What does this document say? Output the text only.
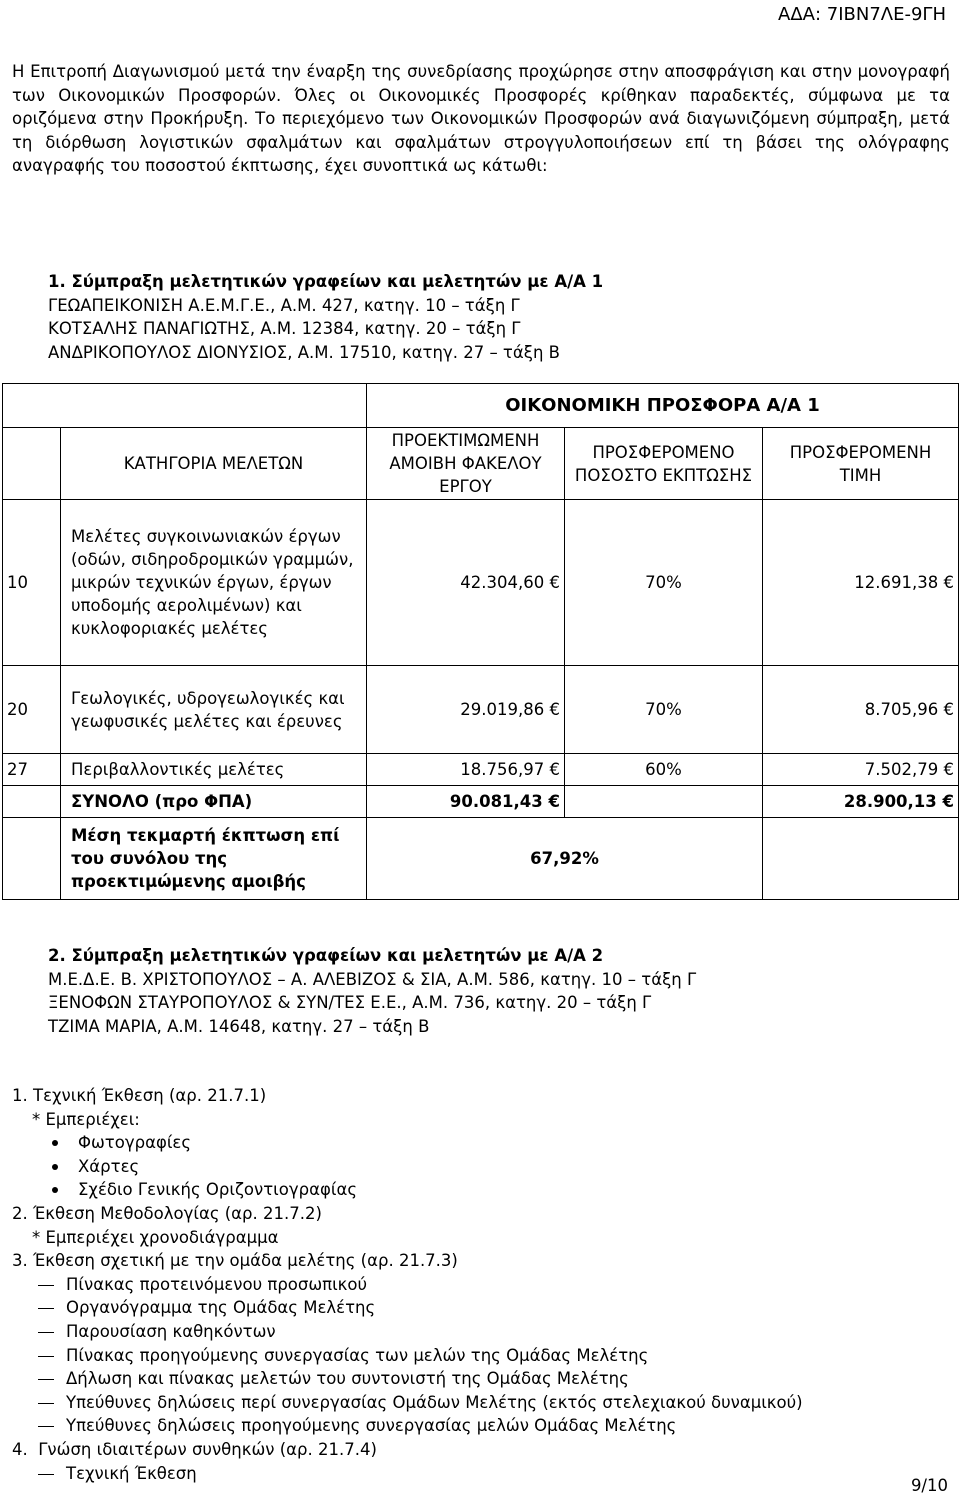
ΑΔΑ: 7ΙΒΝ7ΛΕ-9ΓΗ
Η Επιτροπή Διαγωνισμού μετά την έναρξη της συνεδρίασης προχώρησε στην αποσφράγιση και στην μονογραφή των Οικονομικών Προσφορών. Όλες οι Οικονομικές Προσφορές κρίθηκαν παραδεκτές, σύμφωνα με τα οριζόμενα στην Προκήρυξη. Το περιεχόμενο των Οικονομικών Προσφορών ανά διαγωνιζόμενη σύμπραξη, μετά τη διόρθωση λογιστικών σφαλμάτων και σφαλμάτων στρογγυλοποιήσεων επί τη βάσει της ολόγραφης αναγραφής του ποσοστού έκπτωσης, έχει συνοπτικά ως κάτωθι:
1. Σύμπραξη μελετητικών γραφείων και μελετητών με Α/Α 1
ΓΕΩΑΠΕΙΚΟΝΙΣΗ Α.Ε.Μ.Γ.Ε., Α.Μ. 427, κατηγ. 10 – τάξη Γ
ΚΟΤΣΑΛΗΣ ΠΑΝΑΓΙΩΤΗΣ, Α.Μ. 12384, κατηγ. 20 – τάξη Γ
ΑΝΔΡΙΚΟΠΟΥΛΟΣ ΔΙΟΝΥΣΙΟΣ, Α.Μ. 17510, κατηγ. 27 – τάξη Β
		ΟΙΚΟΝΟΜΙΚΗ ΠΡΟΣΦΟΡΑ Α/Α 1		
	ΚΑΤΗΓΟΡΙΑ ΜΕΛΕΤΩΝ	ΠΡΟΕΚΤΙΜΩΜΕΝΗ ΑΜΟΙΒΗ ΦΑΚΕΛΟΥ ΕΡΓΟΥ	ΠΡΟΣΦΕΡΟΜΕΝΟ ΠΟΣΟΣΤΟ ΕΚΠΤΩΣΗΣ	ΠΡΟΣΦΕΡΟΜΕΝΗ ΤΙΜΗ
10	Μελέτες συγκοινωνιακών έργων (οδών, σιδηροδρομικών γραμμών, μικρών τεχνικών έργων, έργων υποδομής αερολιμένων) και κυκλοφοριακές μελέτες	42.304,60 €	70%	12.691,38 €
20	Γεωλογικές, υδρογεωλογικές και γεωφυσικές μελέτες και έρευνες	29.019,86 €	70%	8.705,96 €
27	Περιβαλλοντικές μελέτες	18.756,97 €	60%	7.502,79 €
	ΣΥΝΟΛΟ (προ ΦΠΑ)	90.081,43 €		28.900,13 €
	Μέση τεκμαρτή έκπτωση επί του συνόλου της προεκτιμώμενης αμοιβής	67,92%		
2. Σύμπραξη μελετητικών γραφείων και μελετητών με Α/Α 2
Μ.Ε.Δ.Ε. Β. ΧΡΙΣΤΟΠΟΥΛΟΣ – Α. ΑΛΕΒΙΖΟΣ & ΣΙΑ, Α.Μ. 586, κατηγ. 10 – τάξη Γ
ΞΕΝΟΦΩΝ ΣΤΑΥΡΟΠΟΥΛΟΣ & ΣΥΝ/ΤΕΣ Ε.Ε., Α.Μ. 736, κατηγ. 20 – τάξη Γ
ΤΖΙΜΑ ΜΑΡΙΑ, Α.Μ. 14648, κατηγ. 27 – τάξη Β
1. Τεχνική Έκθεση (αρ. 21.7.1)
* Εμπεριέχει:
Φωτογραφίες
Χάρτες
Σχέδιο Γενικής Οριζοντιογραφίας
2. Έκθεση Μεθοδολογίας (αρ. 21.7.2)
* Εμπεριέχει χρονοδιάγραμμα
3. Έκθεση σχετική με την ομάδα μελέτης (αρ. 21.7.3)
Πίνακας προτεινόμενου προσωπικού
Οργανόγραμμα της Ομάδας Μελέτης
Παρουσίαση καθηκόντων
Πίνακας προηγούμενης συνεργασίας των μελών της Ομάδας Μελέτης
Δήλωση και πίνακας μελετών του συντονιστή της Ομάδας Μελέτης
Υπεύθυνες δηλώσεις περί συνεργασίας Ομάδων Μελέτης (εκτός στελεχιακού δυναμικού)
Υπεύθυνες δηλώσεις προηγούμενης συνεργασίας μελών Ομάδας Μελέτης
4.  Γνώση ιδιαιτέρων συνθηκών (αρ. 21.7.4)
Τεχνική Έκθεση
9/10
